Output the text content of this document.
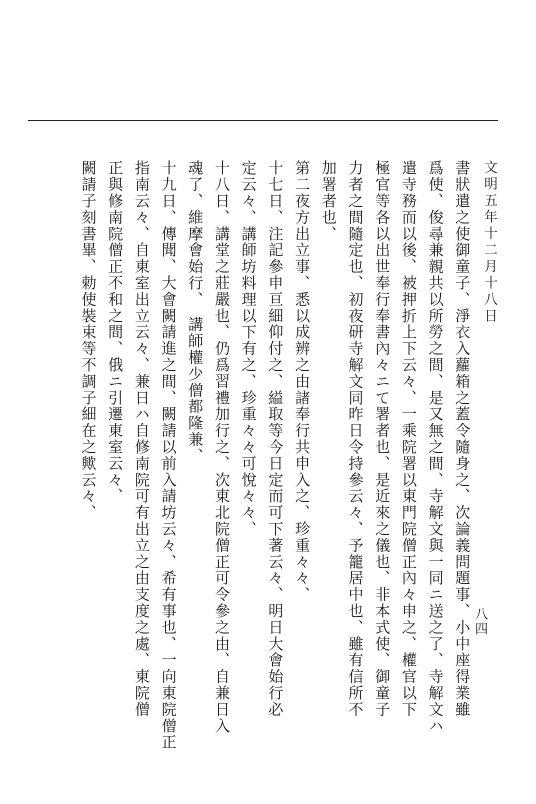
八四
文明五年十二月十八日
書狀遣之使御童子、淨衣入蘿箱之蓋令隨身之、次論義問題事、小中座得業雖
爲使、俊尋兼親共以所勞之間、是又無之間、寺解文與一同ニ送之了、寺解文ハ
遣寺務而以後、被押折上下云々、一乘院署以東門院僧正內々申之、權官以下
極官等各以出世奉行奉書內々ニて署者也、是近來之儀也、非本式使、御童子
力者之間隨定也、初夜研寺解文同昨日令持參云々、予籠居中也、雖有信所不
加署者也、
第二夜方出立事、悉以成辨之由諸奉行共申入之、珍重々々、
十七日、注記參申亘細仰付之、縊取等今日定而可下著云々、明日大會始行必
定云々、講師坊料理以下有之、珍重々々可悅々々、
十八日、講堂之莊嚴也、仍爲習禮加行之、次東北院僧正可令參之由、自兼日入
魂了、維摩會始行、　講師權少僧都隆兼、
十九日、傳聞、大會闕請進之間、闕請以前入請坊云々、希有事也、一向東院僧正
指南云々、自東室出立云々、兼日ハ自修南院可有出立之由支度之處、東院僧
正與修南院僧正不和之間、俄ニ引遷東室云々、
闕請子刻書畢、勅使裝束等不調子細在之歟云々、
